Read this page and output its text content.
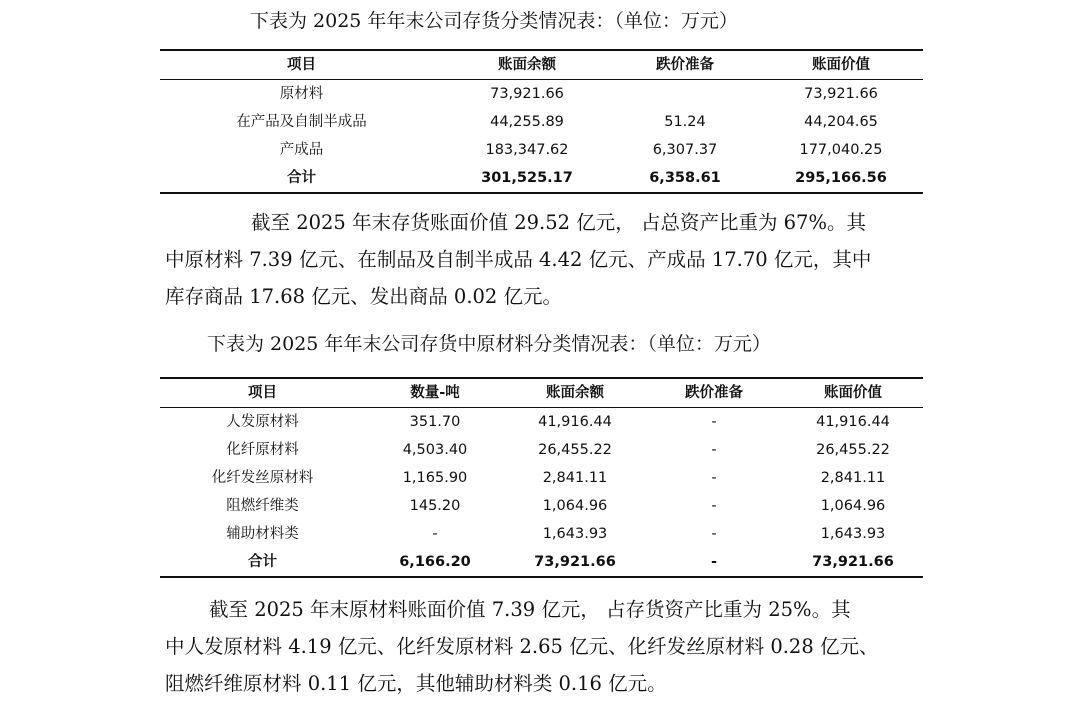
下表为 2025 年年末公司存货分类情况表：（单位：万元）

项目	账面余额	跌价准备	账面价值
原材料	73,921.66		73,921.66
在产品及自制半成品	44,255.89	51.24	44,204.65
产成品	183,347.62	6,307.37	177,040.25
合计	301,525.17	6,358.61	295,166.56
截至 2025 年末存货账面价值 29.52 亿元， 占总资产比重为 67%。其
中原材料 7.39 亿元、在制品及自制半成品 4.42 亿元、产成品 17.70 亿元，其中
库存商品 17.68 亿元、发出商品 0.02 亿元。

下表为 2025 年年末公司存货中原材料分类情况表：（单位：万元）

项目	数量-吨	账面余额	跌价准备	账面价值
人发原材料	351.70	41,916.44	-	41,916.44
化纤原材料	4,503.40	26,455.22	-	26,455.22
化纤发丝原材料	1,165.90	2,841.11	-	2,841.11
阻燃纤维类	145.20	1,064.96	-	1,064.96
辅助材料类	-	1,643.93	-	1,643.93
合计	6,166.20	73,921.66	-	73,921.66
截至 2025 年末原材料账面价值 7.39 亿元， 占存货资产比重为 25%。其
中人发原材料 4.19 亿元、化纤发原材料 2.65 亿元、化纤发丝原材料 0.28 亿元、
阻燃纤维原材料 0.11 亿元，其他辅助材料类 0.16 亿元。
